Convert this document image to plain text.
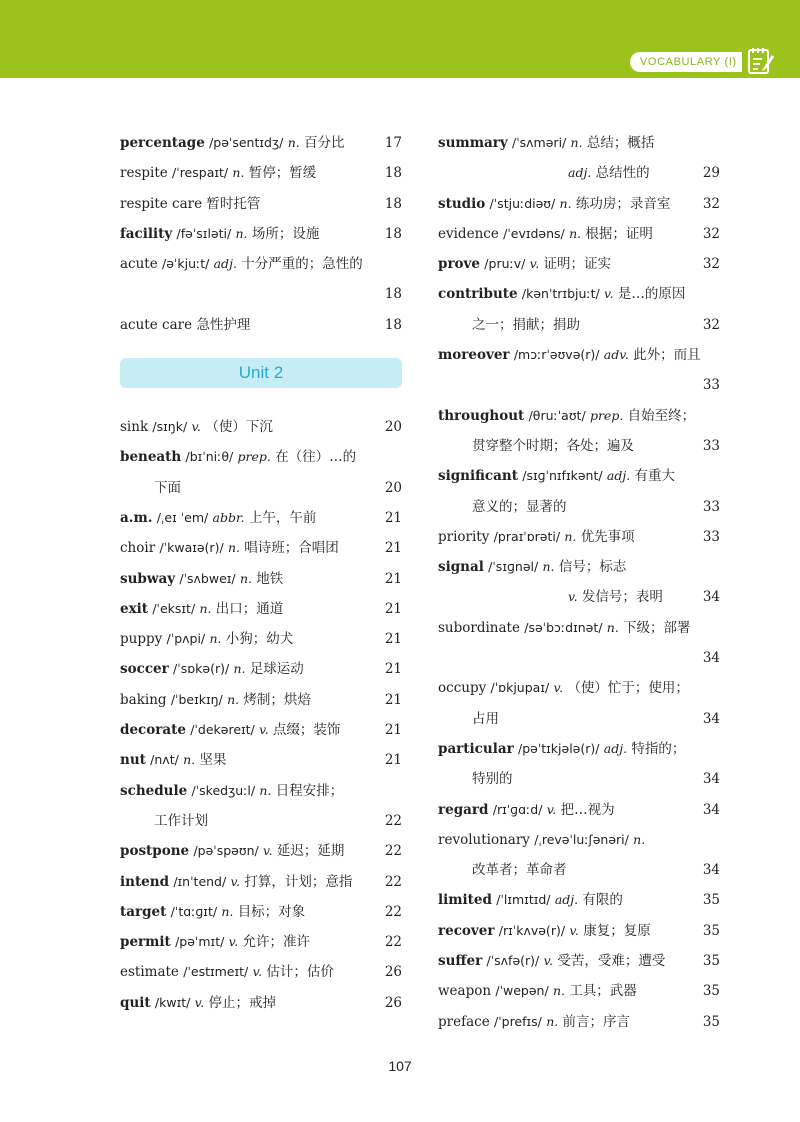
VOCABULARY (I)
percentage /pəˈsentɪdʒ/ n. 百分比	17
respite /ˈrespaɪt/ n. 暂停；暂缓	18
respite care 暂时托管	18
facility /fəˈsɪləti/ n. 场所；设施	18
acute /əˈkjuːt/ adj. 十分严重的；急性的
18
acute care 急性护理	18
Unit 2
sink /sɪŋk/ v. （使）下沉	20
beneath /bɪˈniːθ/ prep. 在（往）…的
下面	20
a.m. /ˌeɪ ˈem/ abbr. 上午，午前	21
choir /ˈkwaɪə(r)/ n. 唱诗班；合唱团	21
subway /ˈsʌbweɪ/ n. 地铁	21
exit /ˈeksɪt/ n. 出口；通道	21
puppy /ˈpʌpi/ n. 小狗；幼犬	21
soccer /ˈsɒkə(r)/ n. 足球运动	21
baking /ˈbeɪkɪŋ/ n. 烤制；烘焙	21
decorate /ˈdekəreɪt/ v. 点缀；装饰	21
nut /nʌt/ n. 坚果	21
schedule /ˈskedʒuːl/ n. 日程安排；
工作计划	22
postpone /pəˈspəʊn/ v. 延迟；延期	22
intend /ɪnˈtend/ v. 打算，计划；意指 22
target /ˈtɑːɡɪt/ n. 目标；对象	22
permit /pəˈmɪt/ v. 允许；准许	22
estimate /ˈestɪmeɪt/ v. 估计；估价	26
quit /kwɪt/ v. 停止；戒掉	26
summary /ˈsʌməri/ n. 总结；概括
adj. 总结性的	29
studio /ˈstjuːdiəʊ/ n. 练功房；录音室 32
evidence /ˈevɪdəns/ n. 根据；证明	32
prove /pruːv/ v. 证明；证实	32
contribute /kənˈtrɪbjuːt/ v. 是…的原因
之一；捐献；捐助	32
moreover /mɔːrˈəʊvə(r)/ adv. 此外；而且
33
throughout /θruːˈaʊt/ prep. 自始至终；
贯穿整个时期；各处；遍及	33
significant /sɪɡˈnɪfɪkənt/ adj. 有重大
意义的；显著的	33
priority /praɪˈɒrəti/ n. 优先事项	33
signal /ˈsɪɡnəl/ n. 信号；标志
v. 发信号；表明	34
subordinate /səˈbɔːdɪnət/ n. 下级；部署
34
occupy /ˈɒkjupaɪ/ v. （使）忙于；使用；
占用	34
particular /pəˈtɪkjələ(r)/ adj. 特指的；
特别的	34
regard /rɪˈɡɑːd/ v. 把…视为	34
revolutionary /ˌrevəˈluːʃənəri/ n.
改革者；革命者	34
limited /ˈlɪmɪtɪd/ adj. 有限的	35
recover /rɪˈkʌvə(r)/ v. 康复；复原	35
suffer /ˈsʌfə(r)/ v. 受苦，受难；遭受	35
weapon /ˈwepən/ n. 工具；武器	35
preface /ˈprefɪs/ n. 前言；序言	35
107
